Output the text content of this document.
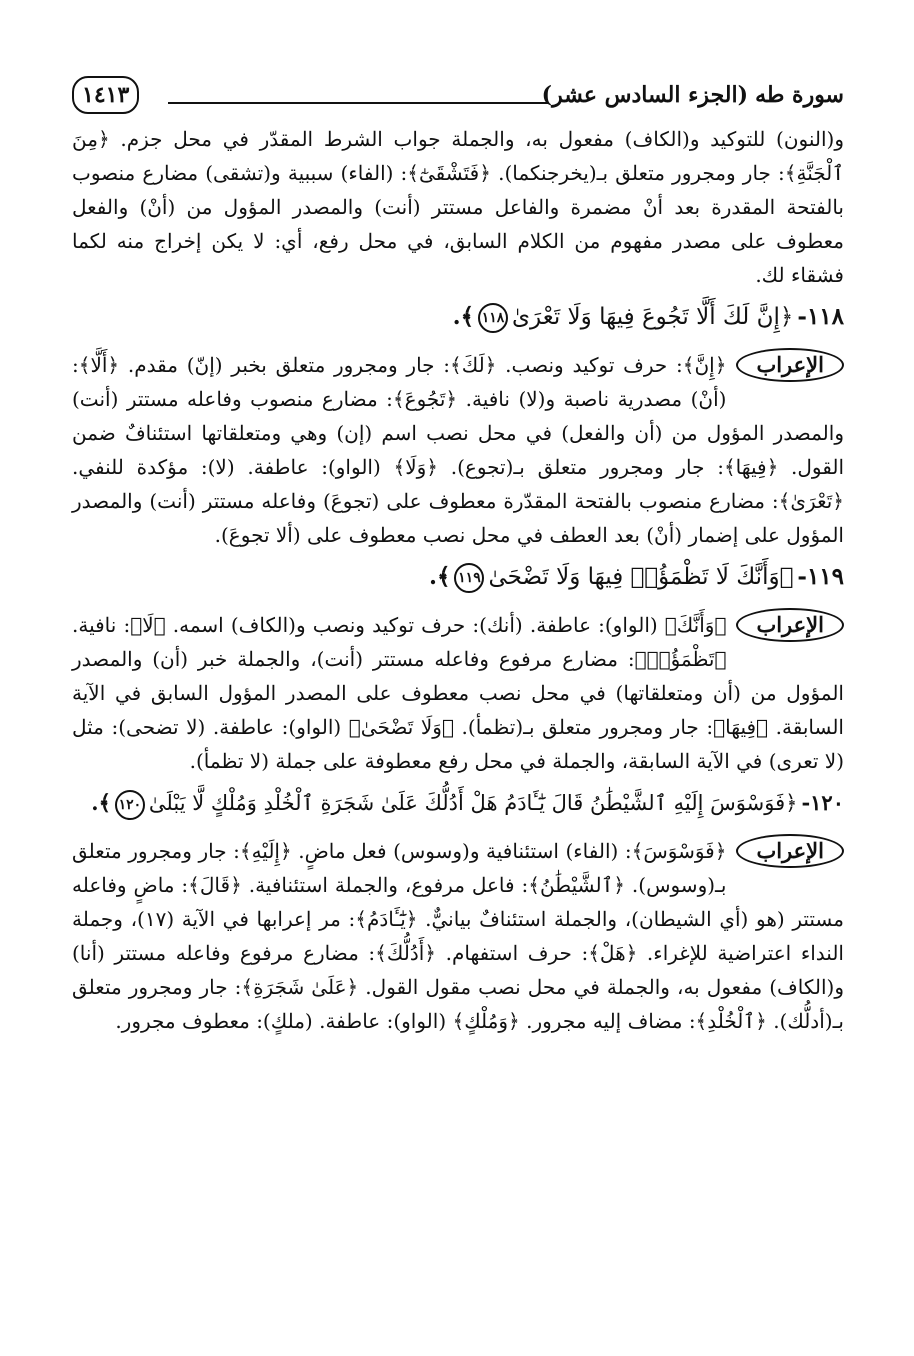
سورة طه
(الجزء السادس عشر)
١٤١٣

و(النون) للتوكيد و(الكاف) مفعول به، والجملة جواب الشرط المقدّر في محل جزم. ﴿مِنَ ٱلْجَنَّةِ﴾: جار ومجرور متعلق بـ(يخرجنكما). ﴿فَتَشْقَىٰٓ﴾: (الفاء) سببية و(تشقى) مضارع منصوب بالفتحة المقدرة بعد أنْ مضمرة والفاعل مستتر (أنت) والمصدر المؤول من (أنْ) والفعل معطوف على مصدر مفهوم من الكلام السابق، في محل رفع، أي: لا يكن إخراج منه لكما فشقاء لك.

١١٨-﴿إِنَّ لَكَ أَلَّا تَجُوعَ فِيهَا وَلَا تَعْرَىٰ١١٨﴾.
الإعراب

﴿إِنَّ﴾: حرف توكيد ونصب. ﴿لَكَ﴾: جار ومجرور متعلق بخبر (إنّ) مقدم. ﴿أَلَّا﴾: (أنْ) مصدرية ناصبة و(لا) نافية. ﴿تَجُوعَ﴾: مضارع منصوب وفاعله مستتر (أنت) والمصدر المؤول من (أن والفعل) في محل نصب اسم (إن) وهي ومتعلقاتها استئنافٌ ضمن القول. ﴿فِيهَا﴾: جار ومجرور متعلق بـ(تجوع). ﴿وَلَا﴾ (الواو): عاطفة. (لا): مؤكدة للنفي. ﴿تَعْرَىٰ﴾: مضارع منصوب بالفتحة المقدّرة معطوف على (تجوعَ) وفاعله مستتر (أنت) والمصدر المؤول على إضمار (أنْ) بعد العطف في محل نصب معطوف على (ألا تجوعَ).

١١٩-﴿وَأَنَّكَ لَا تَظْمَؤُا۟ فِيهَا وَلَا تَضْحَىٰ١١٩﴾.
الإعراب

﴿وَأَنَّكَ﴾ (الواو): عاطفة. (أنك): حرف توكيد ونصب و(الكاف) اسمه. ﴿لَا﴾: نافية. ﴿تَظْمَؤُا۟﴾: مضارع مرفوع وفاعله مستتر (أنت)، والجملة خبر (أن) والمصدر المؤول من (أن ومتعلقاتها) في محل نصب معطوف على المصدر المؤول السابق في الآية السابقة. ﴿فِيهَا﴾: جار ومجرور متعلق بـ(تظمأ). ﴿وَلَا تَضْحَىٰ﴾ (الواو): عاطفة. (لا تضحى): مثل (لا تعرى) في الآية السابقة، والجملة في محل رفع معطوفة على جملة (لا تظمأ).

١٢٠-﴿فَوَسْوَسَ إِلَيْهِ ٱلشَّيْطَٰنُ قَالَ يَٰٓـَٔادَمُ هَلْ أَدُلُّكَ عَلَىٰ شَجَرَةِ ٱلْخُلْدِ وَمُلْكٍ لَّا يَبْلَىٰ١٢٠﴾.
الإعراب

﴿فَوَسْوَسَ﴾: (الفاء) استئنافية و(وسوس) فعل ماضٍ. ﴿إِلَيْهِ﴾: جار ومجرور متعلق بـ(وسوس). ﴿ٱلشَّيْطَٰنُ﴾: فاعل مرفوع، والجملة استئنافية. ﴿قَالَ﴾: ماضٍ وفاعله مستتر (هو (أي الشيطان)، والجملة استئنافٌ بيانيٌّ. ﴿يَٰٓـَٔادَمُ﴾: مر إعرابها في الآية (١٧)، وجملة النداء اعتراضية للإغراء. ﴿هَلْ﴾: حرف استفهام. ﴿أَدُلُّكَ﴾: مضارع مرفوع وفاعله مستتر (أنا) و(الكاف) مفعول به، والجملة في محل نصب مقول القول. ﴿عَلَىٰ شَجَرَةِ﴾: جار ومجرور متعلق بـ(أدلُّك). ﴿ٱلْخُلْدِ﴾: مضاف إليه مجرور. ﴿وَمُلْكٍ﴾ (الواو): عاطفة. (ملكٍ): معطوف مجرور.
